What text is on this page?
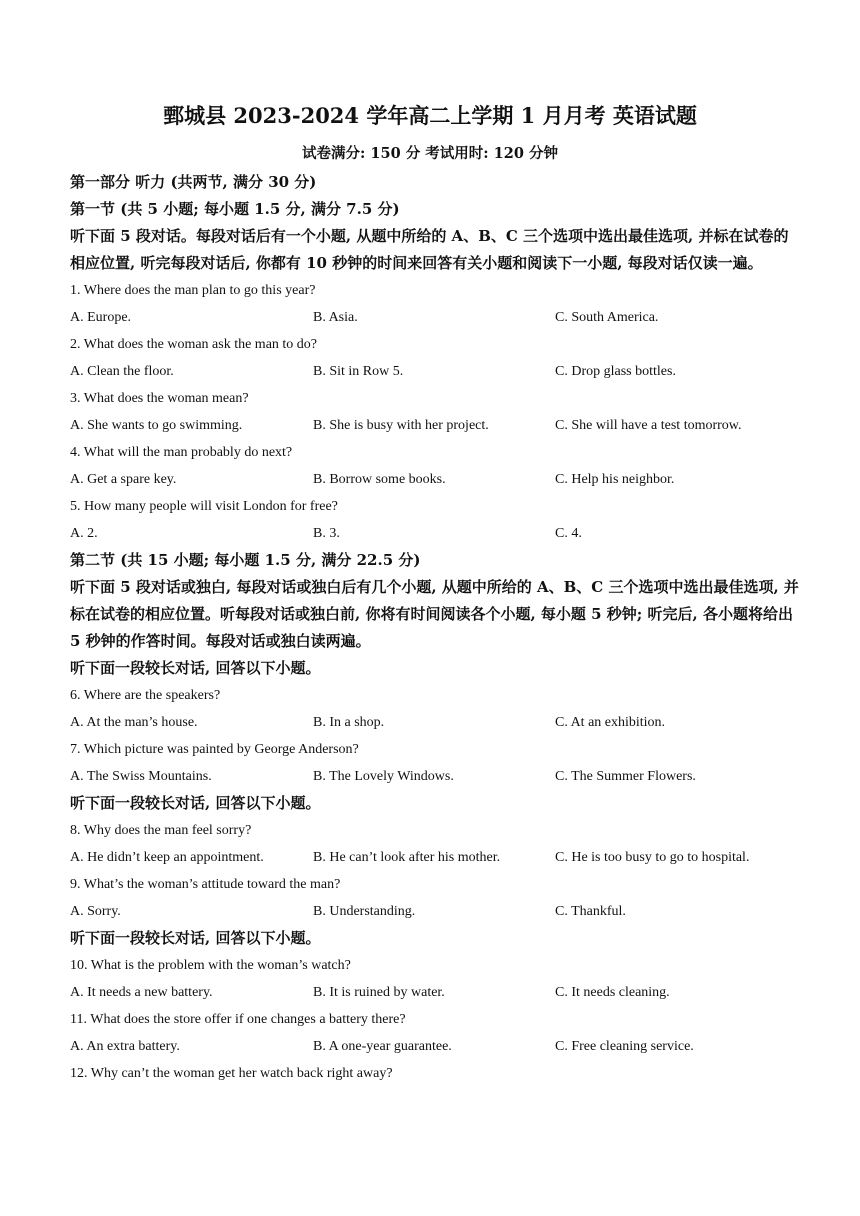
鄄城县 2023-2024 学年高二上学期 1 月月考 英语试题
试卷满分: 150 分 考试用时: 120 分钟
第一部分 听力 (共两节, 满分 30 分)
第一节 (共 5 小题; 每小题 1.5 分, 满分 7.5 分)
听下面 5 段对话。每段对话后有一个小题, 从题中所给的 A、B、C 三个选项中选出最佳选项, 并标在试卷的相应位置, 听完每段对话后, 你都有 10 秒钟的时间来回答有关小题和阅读下一小题, 每段对话仅读一遍。
1. Where does the man plan to go this year?
A. Europe.	B. Asia.	C. South America.
2. What does the woman ask the man to do?
A. Clean the floor.	B. Sit in Row 5.	C. Drop glass bottles.
3. What does the woman mean?
A. She wants to go swimming.	B. She is busy with her project.	C. She will have a test tomorrow.
4. What will the man probably do next?
A. Get a spare key.	B. Borrow some books.	C. Help his neighbor.
5. How many people will visit London for free?
A. 2.	B. 3.	C. 4.
第二节 (共 15 小题; 每小题 1.5 分, 满分 22.5 分)
听下面 5 段对话或独白, 每段对话或独白后有几个小题, 从题中所给的 A、B、C 三个选项中选出最佳选项, 并标在试卷的相应位置。听每段对话或独白前, 你将有时间阅读各个小题, 每小题 5 秒钟; 听完后, 各小题将给出 5 秒钟的作答时间。每段对话或独白读两遍。
听下面一段较长对话, 回答以下小题。
6. Where are the speakers?
A. At the man’s house.	B. In a shop.	C. At an exhibition.
7. Which picture was painted by George Anderson?
A. The Swiss Mountains.	B. The Lovely Windows.	C. The Summer Flowers.
听下面一段较长对话, 回答以下小题。
8. Why does the man feel sorry?
A. He didn’t keep an appointment.	B. He can’t look after his mother.	C. He is too busy to go to hospital.
9. What’s the woman’s attitude toward the man?
A. Sorry.	B. Understanding.	C. Thankful.
听下面一段较长对话, 回答以下小题。
10. What is the problem with the woman’s watch?
A. It needs a new battery.	B. It is ruined by water.	C. It needs cleaning.
11. What does the store offer if one changes a battery there?
A. An extra battery.	B. A one-year guarantee.	C. Free cleaning service.
12. Why can’t the woman get her watch back right away?
